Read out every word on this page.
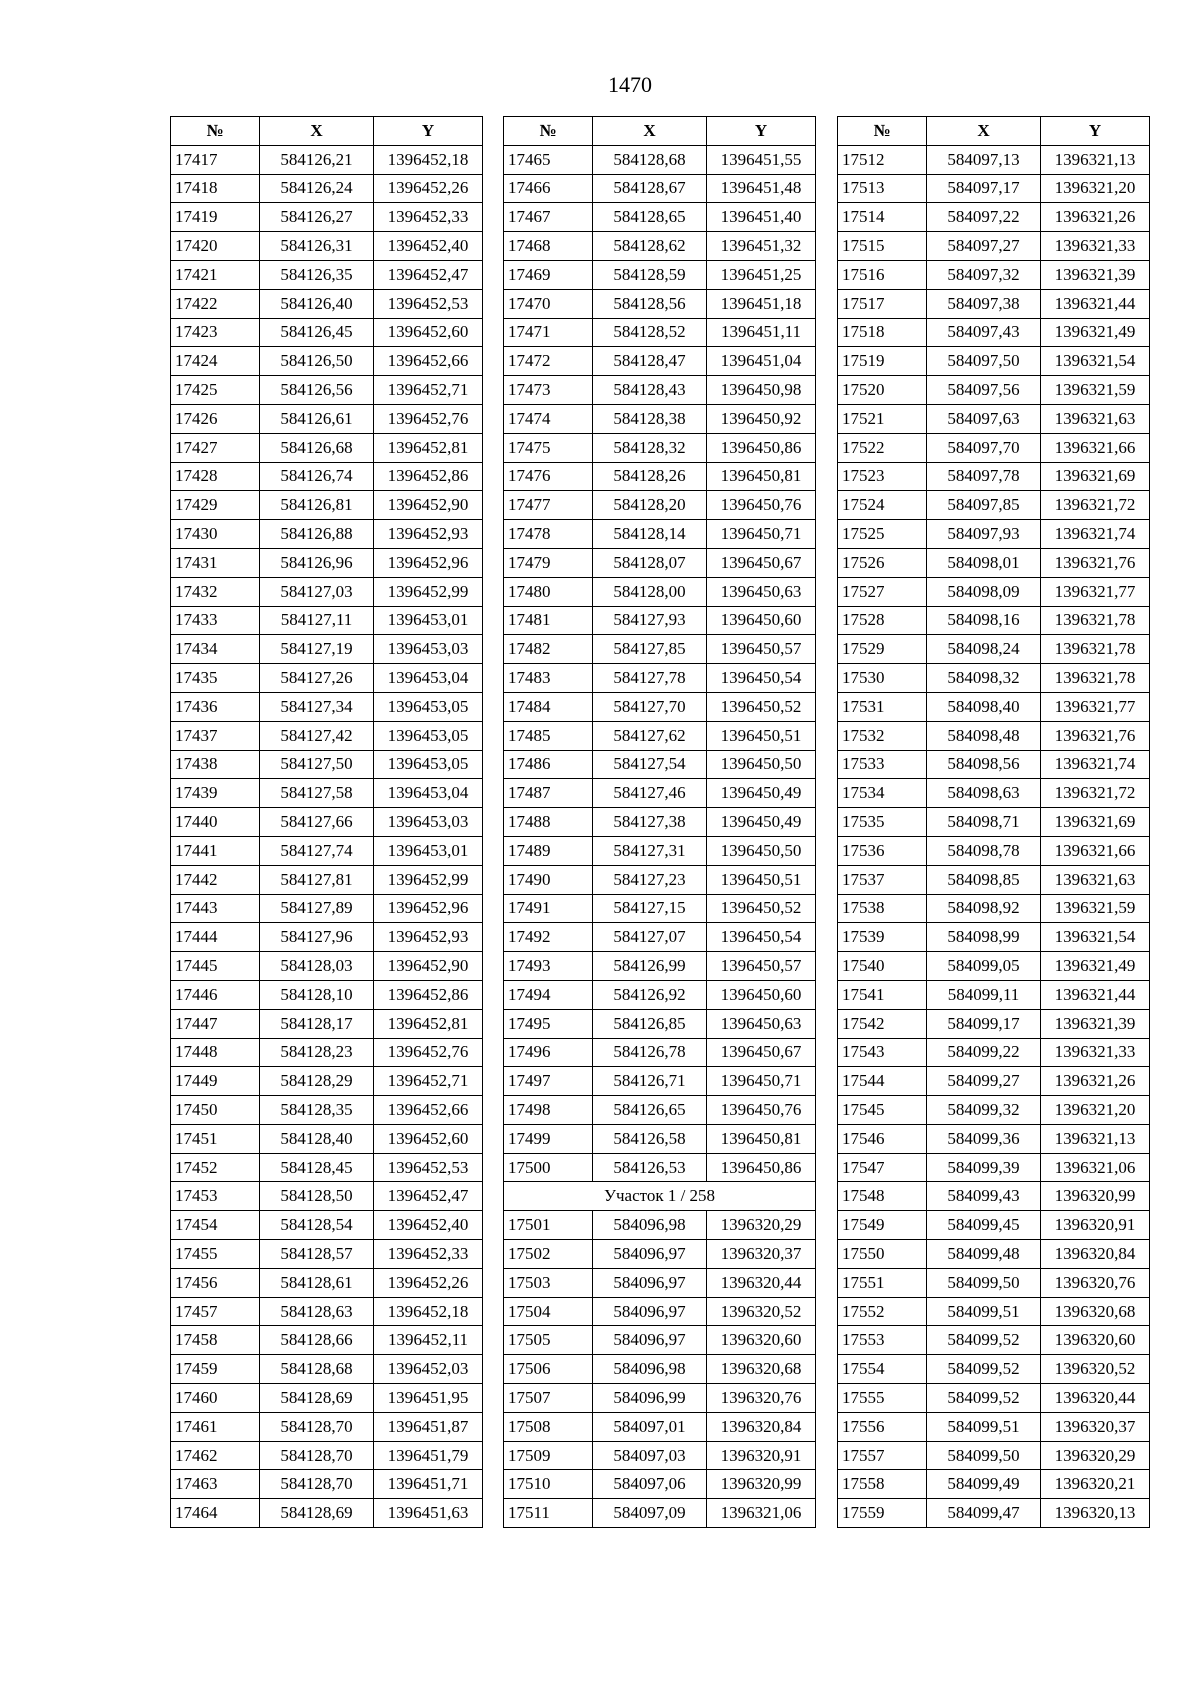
1470
№	X	Y
17417	584126,21	1396452,18
17418	584126,24	1396452,26
17419	584126,27	1396452,33
17420	584126,31	1396452,40
17421	584126,35	1396452,47
17422	584126,40	1396452,53
17423	584126,45	1396452,60
17424	584126,50	1396452,66
17425	584126,56	1396452,71
17426	584126,61	1396452,76
17427	584126,68	1396452,81
17428	584126,74	1396452,86
17429	584126,81	1396452,90
17430	584126,88	1396452,93
17431	584126,96	1396452,96
17432	584127,03	1396452,99
17433	584127,11	1396453,01
17434	584127,19	1396453,03
17435	584127,26	1396453,04
17436	584127,34	1396453,05
17437	584127,42	1396453,05
17438	584127,50	1396453,05
17439	584127,58	1396453,04
17440	584127,66	1396453,03
17441	584127,74	1396453,01
17442	584127,81	1396452,99
17443	584127,89	1396452,96
17444	584127,96	1396452,93
17445	584128,03	1396452,90
17446	584128,10	1396452,86
17447	584128,17	1396452,81
17448	584128,23	1396452,76
17449	584128,29	1396452,71
17450	584128,35	1396452,66
17451	584128,40	1396452,60
17452	584128,45	1396452,53
17453	584128,50	1396452,47
17454	584128,54	1396452,40
17455	584128,57	1396452,33
17456	584128,61	1396452,26
17457	584128,63	1396452,18
17458	584128,66	1396452,11
17459	584128,68	1396452,03
17460	584128,69	1396451,95
17461	584128,70	1396451,87
17462	584128,70	1396451,79
17463	584128,70	1396451,71
17464	584128,69	1396451,63
№	X	Y
17465	584128,68	1396451,55
17466	584128,67	1396451,48
17467	584128,65	1396451,40
17468	584128,62	1396451,32
17469	584128,59	1396451,25
17470	584128,56	1396451,18
17471	584128,52	1396451,11
17472	584128,47	1396451,04
17473	584128,43	1396450,98
17474	584128,38	1396450,92
17475	584128,32	1396450,86
17476	584128,26	1396450,81
17477	584128,20	1396450,76
17478	584128,14	1396450,71
17479	584128,07	1396450,67
17480	584128,00	1396450,63
17481	584127,93	1396450,60
17482	584127,85	1396450,57
17483	584127,78	1396450,54
17484	584127,70	1396450,52
17485	584127,62	1396450,51
17486	584127,54	1396450,50
17487	584127,46	1396450,49
17488	584127,38	1396450,49
17489	584127,31	1396450,50
17490	584127,23	1396450,51
17491	584127,15	1396450,52
17492	584127,07	1396450,54
17493	584126,99	1396450,57
17494	584126,92	1396450,60
17495	584126,85	1396450,63
17496	584126,78	1396450,67
17497	584126,71	1396450,71
17498	584126,65	1396450,76
17499	584126,58	1396450,81
17500	584126,53	1396450,86
Участок 1 / 258		
17501	584096,98	1396320,29
17502	584096,97	1396320,37
17503	584096,97	1396320,44
17504	584096,97	1396320,52
17505	584096,97	1396320,60
17506	584096,98	1396320,68
17507	584096,99	1396320,76
17508	584097,01	1396320,84
17509	584097,03	1396320,91
17510	584097,06	1396320,99
17511	584097,09	1396321,06
№	X	Y
17512	584097,13	1396321,13
17513	584097,17	1396321,20
17514	584097,22	1396321,26
17515	584097,27	1396321,33
17516	584097,32	1396321,39
17517	584097,38	1396321,44
17518	584097,43	1396321,49
17519	584097,50	1396321,54
17520	584097,56	1396321,59
17521	584097,63	1396321,63
17522	584097,70	1396321,66
17523	584097,78	1396321,69
17524	584097,85	1396321,72
17525	584097,93	1396321,74
17526	584098,01	1396321,76
17527	584098,09	1396321,77
17528	584098,16	1396321,78
17529	584098,24	1396321,78
17530	584098,32	1396321,78
17531	584098,40	1396321,77
17532	584098,48	1396321,76
17533	584098,56	1396321,74
17534	584098,63	1396321,72
17535	584098,71	1396321,69
17536	584098,78	1396321,66
17537	584098,85	1396321,63
17538	584098,92	1396321,59
17539	584098,99	1396321,54
17540	584099,05	1396321,49
17541	584099,11	1396321,44
17542	584099,17	1396321,39
17543	584099,22	1396321,33
17544	584099,27	1396321,26
17545	584099,32	1396321,20
17546	584099,36	1396321,13
17547	584099,39	1396321,06
17548	584099,43	1396320,99
17549	584099,45	1396320,91
17550	584099,48	1396320,84
17551	584099,50	1396320,76
17552	584099,51	1396320,68
17553	584099,52	1396320,60
17554	584099,52	1396320,52
17555	584099,52	1396320,44
17556	584099,51	1396320,37
17557	584099,50	1396320,29
17558	584099,49	1396320,21
17559	584099,47	1396320,13
